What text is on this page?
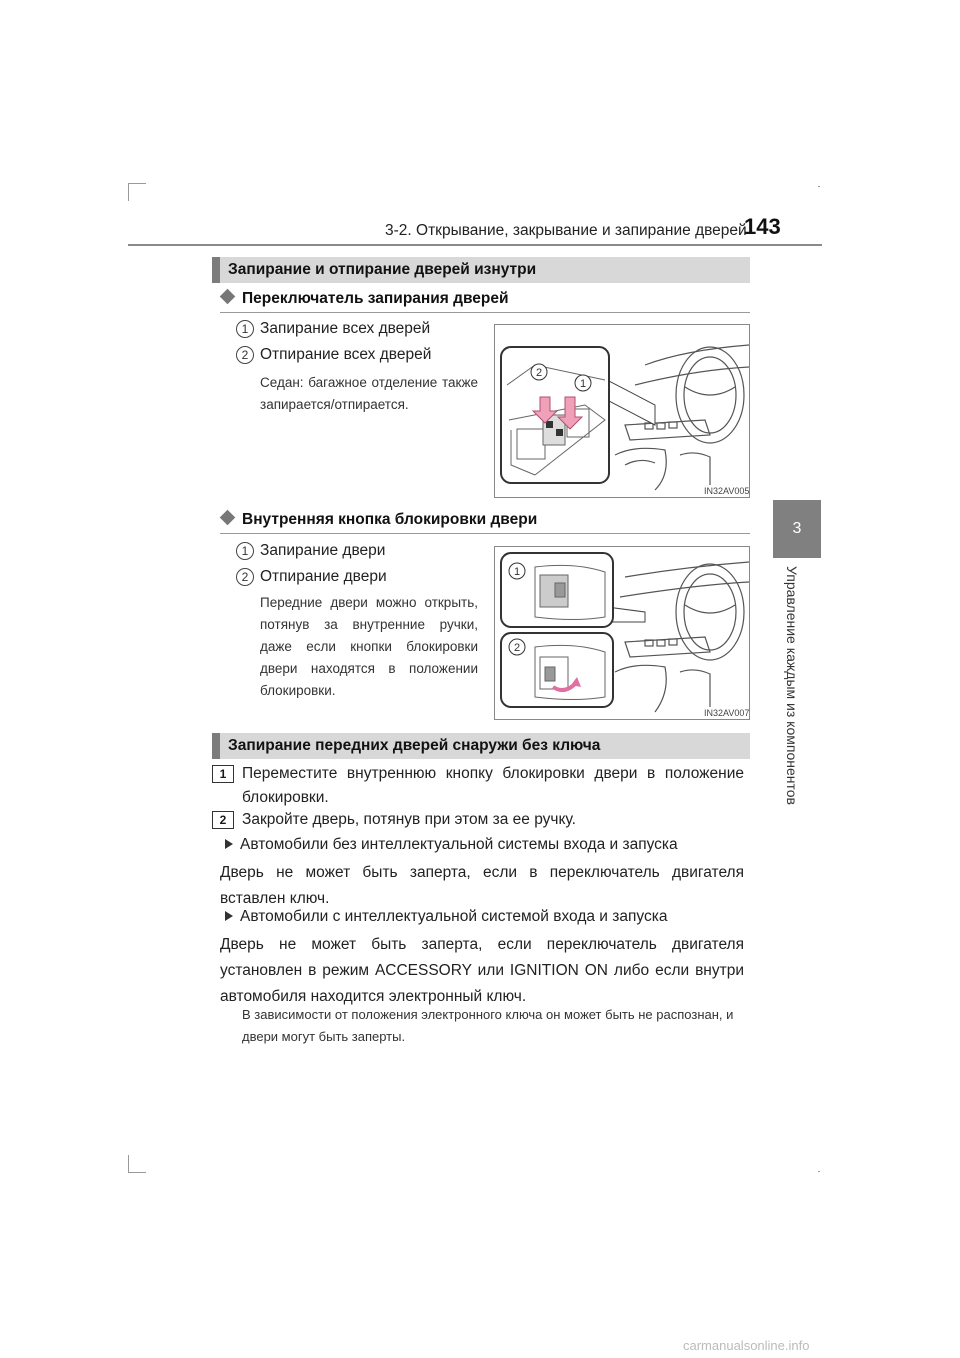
3-2. Открывание, закрывание и запирание дверей
143
3
Управление каждым из компонентов
Запирание и отпирание дверей изнутри
Переключатель запирания дверей
1 Запирание всех дверей
2 Отпирание всех дверей
Седан: багажное отделение также запирается/отпирается.
2
1
IN32AV005
Внутренняя кнопка блокировки двери
1 Запирание двери
2 Отпирание двери
Передние двери можно открыть, потянув за внутренние ручки, даже если кнопки блокировки двери находятся в положении блокировки.
1
2
IN32AV007
Запирание передних дверей снаружи без ключа
1	Переместите внутреннюю кнопку блокировки двери в положение блокировки.
2	Закройте дверь, потянув при этом за ее ручку.
Автомобили без интеллектуальной системы входа и запуска
Дверь не может быть заперта, если в переключатель двигателя вставлен ключ.
Автомобили с интеллектуальной системой входа и запуска
Дверь не может быть заперта, если переключатель двигателя установлен в режим ACCESSORY или IGNITION ON либо если внутри автомобиля находится электронный ключ.
В зависимости от положения электронного ключа он может быть не распознан, и двери могут быть заперты.
carmanualsonline.info
